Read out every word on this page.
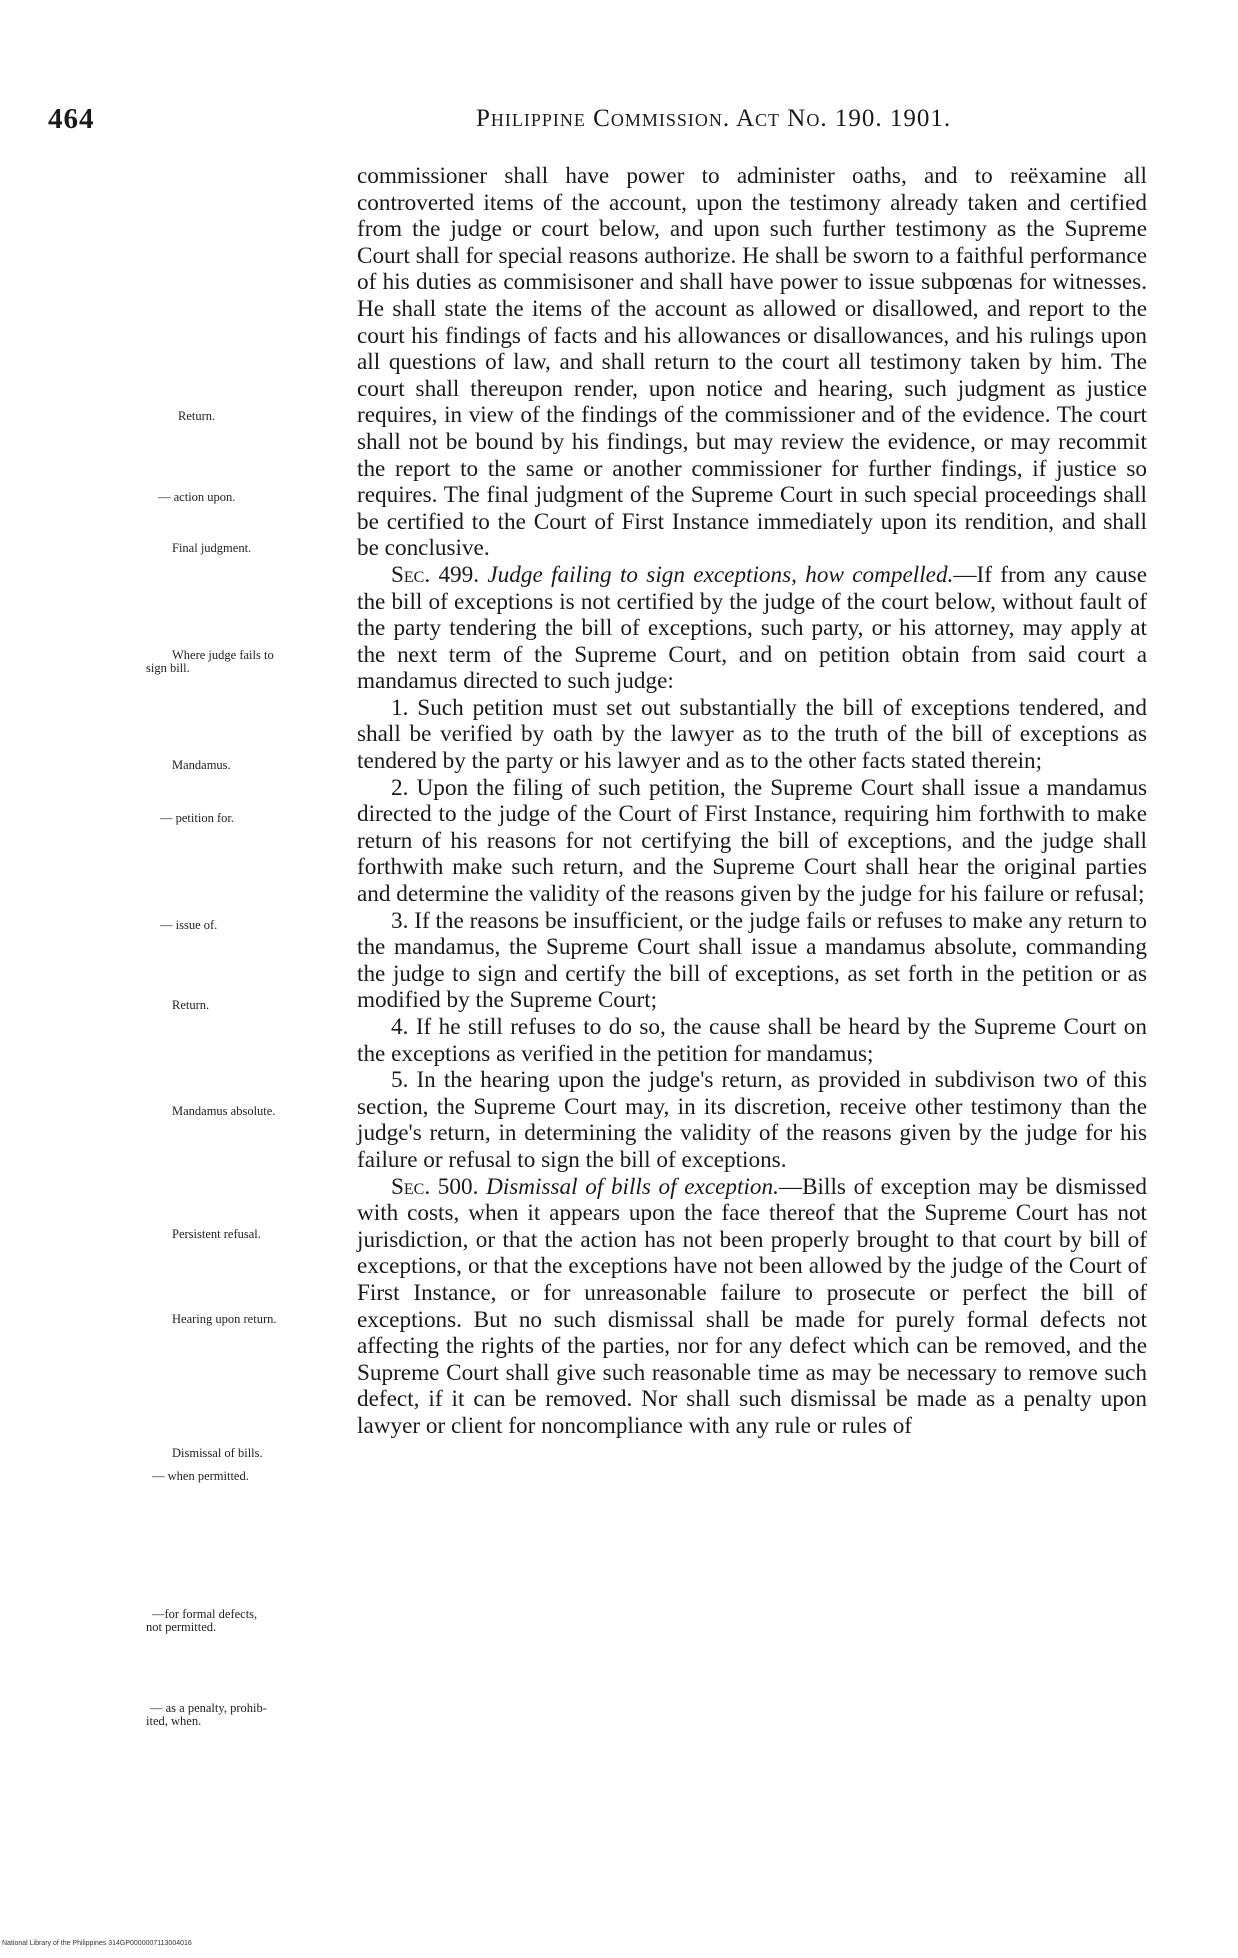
464	Philippine Commission. Act No. 190. 1901.
Return.
— action upon.
Final judgment.
Where judge fails to
sign bill.
Mandamus.
— petition for.
— issue of.
Return.
Mandamus absolute.
Persistent refusal.
Hearing upon return.
Dismissal of bills.
— when permitted.
—for formal defects,
not permitted.
— as a penalty, prohib-
ited, when.

commissioner shall have power to administer oaths, and to reëxamine all controverted items of the account, upon the testimony already taken and certified from the judge or court below, and upon such further testimony as the Supreme Court shall for special reasons authorize. He shall be sworn to a faithful performance of his duties as commisisoner and shall have power to issue subpœnas for witnesses. He shall state the items of the account as allowed or disallowed, and report to the court his findings of facts and his allowances or disallowances, and his rulings upon all questions of law, and shall return to the court all testimony taken by him. The court shall thereupon render, upon notice and hearing, such judgment as justice requires, in view of the findings of the commissioner and of the evidence. The court shall not be bound by his findings, but may review the evidence, or may recommit the report to the same or another commissioner for further findings, if justice so requires. The final judgment of the Supreme Court in such special proceedings shall be certified to the Court of First Instance immediately upon its rendition, and shall be conclusive.

Sec. 499. Judge failing to sign exceptions, how compelled.—If from any cause the bill of exceptions is not certified by the judge of the court below, without fault of the party tendering the bill of exceptions, such party, or his attorney, may apply at the next term of the Supreme Court, and on petition obtain from said court a mandamus directed to such judge:

1. Such petition must set out substantially the bill of exceptions tendered, and shall be verified by oath by the lawyer as to the truth of the bill of exceptions as tendered by the party or his lawyer and as to the other facts stated therein;

2. Upon the filing of such petition, the Supreme Court shall issue a mandamus directed to the judge of the Court of First Instance, requiring him forthwith to make return of his reasons for not certifying the bill of exceptions, and the judge shall forthwith make such return, and the Supreme Court shall hear the original parties and determine the validity of the reasons given by the judge for his failure or refusal;

3. If the reasons be insufficient, or the judge fails or refuses to make any return to the mandamus, the Supreme Court shall issue a mandamus absolute, commanding the judge to sign and certify the bill of exceptions, as set forth in the petition or as modified by the Supreme Court;

4. If he still refuses to do so, the cause shall be heard by the Supreme Court on the exceptions as verified in the petition for mandamus;

5. In the hearing upon the judge's return, as provided in subdivison two of this section, the Supreme Court may, in its discretion, receive other testimony than the judge's return, in determining the validity of the reasons given by the judge for his failure or refusal to sign the bill of exceptions.

Sec. 500. Dismissal of bills of exception.—Bills of exception may be dismissed with costs, when it appears upon the face thereof that the Supreme Court has not jurisdiction, or that the action has not been properly brought to that court by bill of exceptions, or that the exceptions have not been allowed by the judge of the Court of First Instance, or for unreasonable failure to prosecute or perfect the bill of exceptions. But no such dismissal shall be made for purely formal defects not affecting the rights of the parties, nor for any defect which can be removed, and the Supreme Court shall give such reasonable time as may be necessary to remove such defect, if it can be removed. Nor shall such dismissal be made as a penalty upon lawyer or client for noncompliance with any rule or rules of

National Library of the Philippines 314GP0000007113004016
